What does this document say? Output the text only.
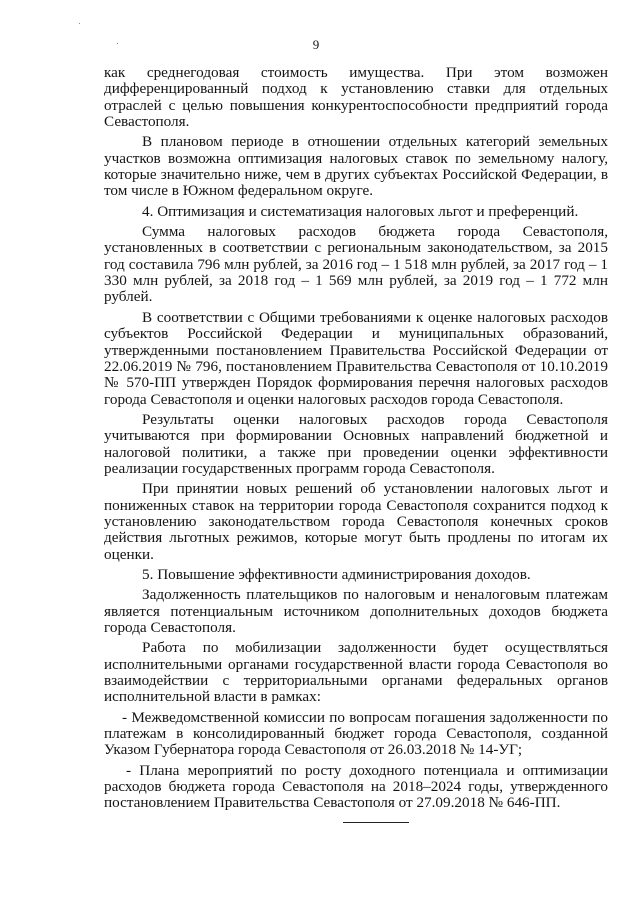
9

как среднегодовая стоимость имущества. При этом возможен дифференцированный подход к установлению ставки для отдельных отраслей с целью повышения конкурентоспособности предприятий города Севастополя.

В плановом периоде в отношении отдельных категорий земельных участков возможна оптимизация налоговых ставок по земельному налогу, которые значительно ниже, чем в других субъектах Российской Федерации, в том числе в Южном федеральном округе.

4. Оптимизация и систематизация налоговых льгот и преференций.

Сумма налоговых расходов бюджета города Севастополя, установленных в соответствии с региональным законодательством, за 2015 год составила 796 млн рублей, за 2016 год – 1 518 млн рублей, за 2017 год – 1 330 млн рублей, за 2018 год – 1 569 млн рублей, за 2019 год – 1 772 млн рублей.

В соответствии с Общими требованиями к оценке налоговых расходов субъектов Российской Федерации и муниципальных образований, утвержденными постановлением Правительства Российской Федерации от 22.06.2019 № 796, постановлением Правительства Севастополя от 10.10.2019 № 570-ПП утвержден Порядок формирования перечня налоговых расходов города Севастополя и оценки налоговых расходов города Севастополя.

Результаты оценки налоговых расходов города Севастополя учитываются при формировании Основных направлений бюджетной и налоговой политики, а также при проведении оценки эффективности реализации государственных программ города Севастополя.

При принятии новых решений об установлении налоговых льгот и пониженных ставок на территории города Севастополя сохранится подход к установлению законодательством города Севастополя конечных сроков действия льготных режимов, которые могут быть продлены по итогам их оценки.

5. Повышение эффективности администрирования доходов.

Задолженность плательщиков по налоговым и неналоговым платежам является потенциальным источником дополнительных доходов бюджета города Севастополя.

Работа по мобилизации задолженности будет осуществляться исполнительными органами государственной власти города Севастополя во взаимодействии с территориальными органами федеральных органов исполнительной власти в рамках:

- Межведомственной комиссии по вопросам погашения задолженности по платежам в консолидированный бюджет города Севастополя, созданной Указом Губернатора города Севастополя от 26.03.2018 № 14-УГ;

- Плана мероприятий по росту доходного потенциала и оптимизации расходов бюджета города Севастополя на 2018–2024 годы, утвержденного постановлением Правительства Севастополя от 27.09.2018 № 646-ПП.
